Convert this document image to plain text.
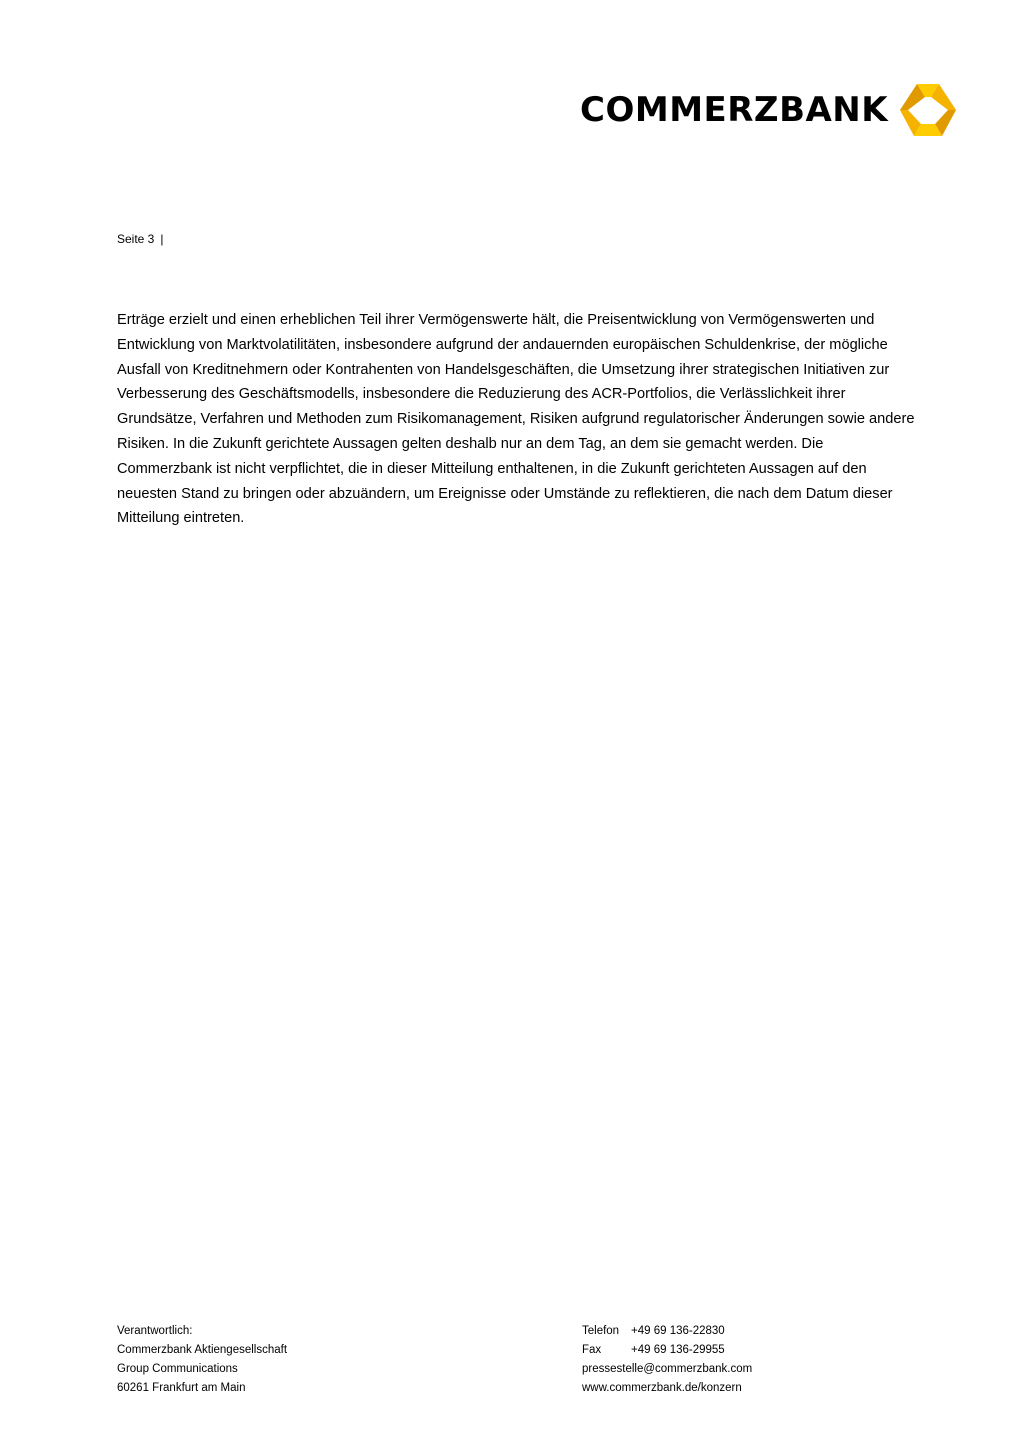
COMMERZBANK
Seite 3 |

Erträge erzielt und einen erheblichen Teil ihrer Vermögenswerte hält, die Preisentwicklung von Vermögenswerten und Entwicklung von Marktvolatilitäten, insbesondere aufgrund der andauernden europäischen Schuldenkrise, der mögliche Ausfall von Kreditnehmern oder Kontrahenten von Handelsgeschäften, die Umsetzung ihrer strategischen Initiativen zur Verbesserung des Geschäftsmodells, insbesondere die Reduzierung des ACR-Portfolios, die Verlässlichkeit ihrer Grundsätze, Verfahren und Methoden zum Risikomanagement, Risiken aufgrund regulatorischer Änderungen sowie andere Risiken. In die Zukunft gerichtete Aussagen gelten deshalb nur an dem Tag, an dem sie gemacht werden. Die Commerzbank ist nicht verpflichtet, die in dieser Mitteilung enthaltenen, in die Zukunft gerichteten Aussagen auf den neuesten Stand zu bringen oder abzuändern, um Ereignisse oder Umstände zu reflektieren, die nach dem Datum dieser Mitteilung eintreten.

Verantwortlich:
Commerzbank Aktiengesellschaft
Group Communications
60261 Frankfurt am Main
Telefon +49 69 136-22830
Fax	+49 69 136-29955
pressestelle@commerzbank.com
www.commerzbank.de/konzern
